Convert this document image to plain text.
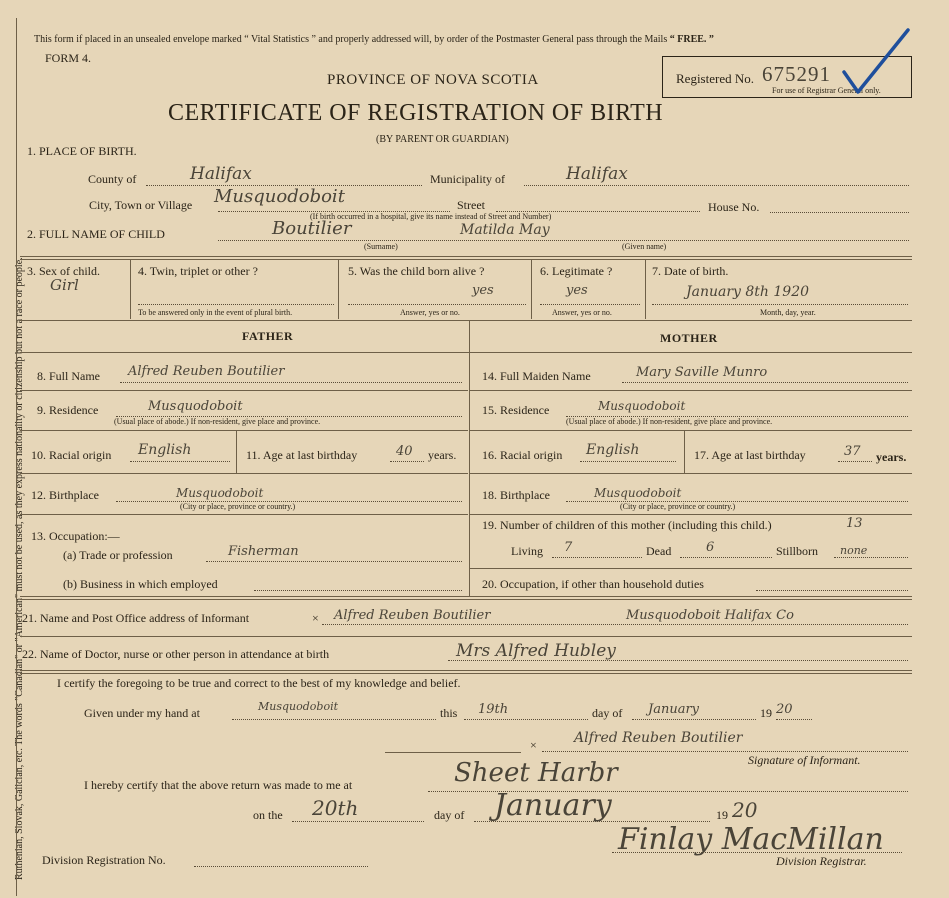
Ruthenian, Slovak, Galician, etc. The words "Canadian" or "American" must not be used, as they express nationality or citizenship but not a race or people.
This form if placed in an unsealed envelope marked “ Vital Statistics ” and properly addressed will, by order of the Postmaster General pass through the Mails “ FREE. ”
FORM 4.
PROVINCE OF NOVA SCOTIA
CERTIFICATE OF REGISTRATION OF BIRTH
(BY PARENT OR GUARDIAN)
Registered No. 675291
For use of Registrar General only.
1. PLACE OF BIRTH.
County of	Halifax	Municipality of	Halifax
City, Town or Village Musquodoboit	Street	House No.
(If birth occurred in a hospital, give its name instead of Street and Number)
2. FULL NAME OF CHILD	Boutilier	Matilda May
(Surname)	(Given name)
3. Sex of child.
Girl
4. Twin, triplet or other ?
To be answered only in the event of plural birth.
5. Was the child born alive ?
yes
Answer, yes or no.
6. Legitimate ?
yes
Answer, yes or no.
7. Date of birth.
January 8th 1920
Month, day, year.
FATHER	MOTHER
8. Full Name Alfred Reuben Boutilier
9. Residence	Musquodoboit
(Usual place of abode.) If non-resident, give place and province.
10. Racial origin English	11. Age at last birthday	40 years.
12. Birthplace	Musquodoboit
(City or place, province or country.)
13. Occupation:—
(a) Trade or profession	Fisherman
(b) Business in which employed
14. Full Maiden Name	Mary Saville Munro
15. Residence	Musquodoboit
(Usual place of abode.) If non-resident, give place and province.
16. Racial origin English	17. Age at last birthday	37 years.
18. Birthplace	Musquodoboit
(City or place, province or country.)
19. Number of children of this mother (including this child.)	13
Living 7	Dead	6	Stillborn none
20. Occupation, if other than household duties
21. Name and Post Office address of Informant	× Alfred Reuben Boutilier	Musquodoboit Halifax Co
22. Name of Doctor, nurse or other person in attendance at birth	Mrs Alfred Hubley
I certify the foregoing to be true and correct to the best of my knowledge and belief.
Given under my hand at	Musquodoboit	this 19th	day of January	19 20
×	Alfred Reuben Boutilier
Signature of Informant.
I hereby certify that the above return was made to me at	Sheet Harbr
on the 20th	day of January	19 20
Finlay MacMillan
Division Registration No.	Division Registrar.
